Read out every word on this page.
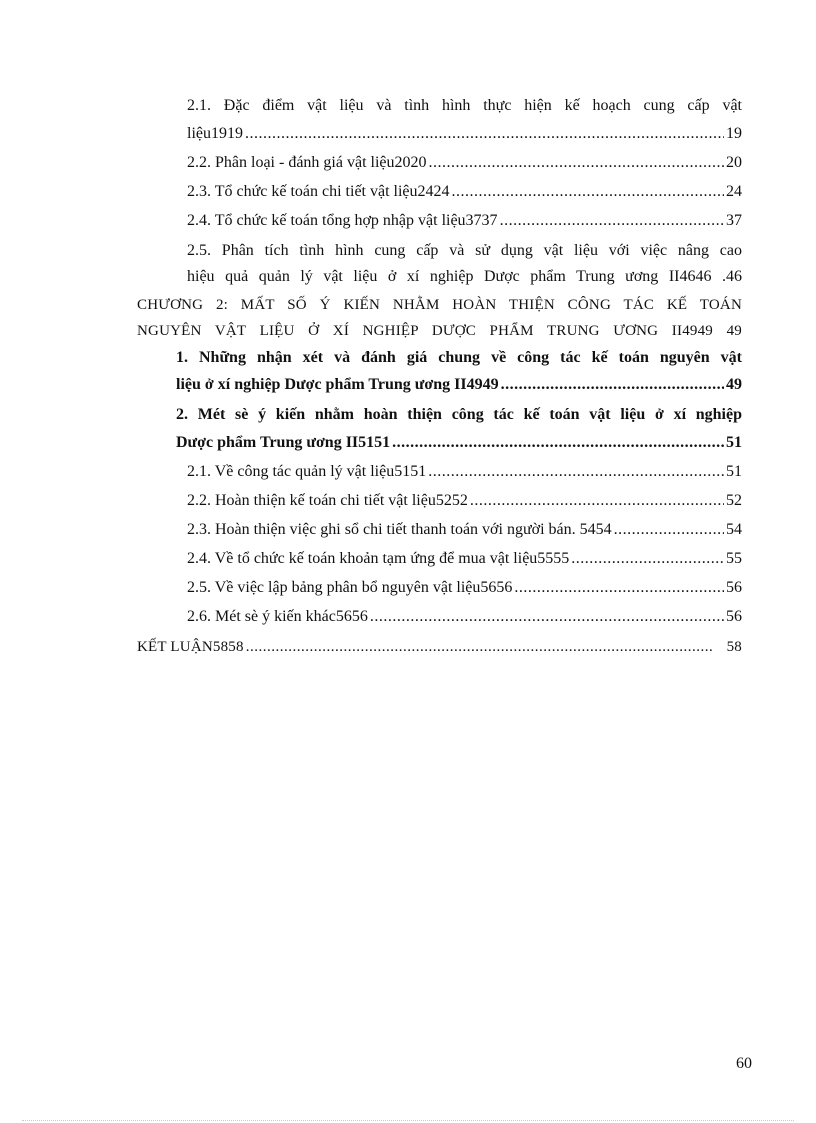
2.1. Đặc điểm vật liệu và tình hình thực hiện kế hoạch cung cấp vật
liệu1919 .....	19
2.2. Phân loại - đánh giá vật liệu2020 .....	20
2.3. Tổ chức kế toán chi tiết vật liệu2424 .....	24
2.4. Tổ chức kế toán tổng hợp nhập vật liệu3737 .....	37
2.5. Phân tích tình hình cung cấp và sử dụng vật liệu với việc nâng cao
hiệu quả quản lý vật liệu ở xí nghiệp Dược phẩm Trung ương II4646 .46
CHƯƠNG 2: MẤT SỐ Ý KIẾN NHẰM HOÀN THIỆN CÔNG TÁC KẾ TOÁN
NGUYÊN VẬT LIỆU Ở XÍ NGHIỆP DƯỢC PHẨM TRUNG ƯƠNG II4949 49
1. Những nhận xét và đánh giá chung về công tác kế toán nguyên vật
liệu ở xí nghiệp Dược phẩm Trung ương II4949 .....	49
2. Mét sè ý kiến nhằm hoàn thiện công tác kế toán vật liệu ở xí nghiệp
Dược phẩm Trung ương II5151 .....	51
2.1. Về công tác quản lý vật liệu5151 .....	51
2.2. Hoàn thiện kế toán chi tiết vật liệu5252 .....	52
2.3. Hoàn thiện việc ghi sổ chi tiết thanh toán với người bán. 5454 .....	54
2.4. Về tổ chức kế toán khoản tạm ứng để mua vật liệu5555 .....	55
2.5. Về việc lập bảng phân bổ nguyên vật liệu5656 .....	56
2.6. Mét sè ý kiến khác5656 .....	56
KẾT LUẬN5858 .....	58
60
